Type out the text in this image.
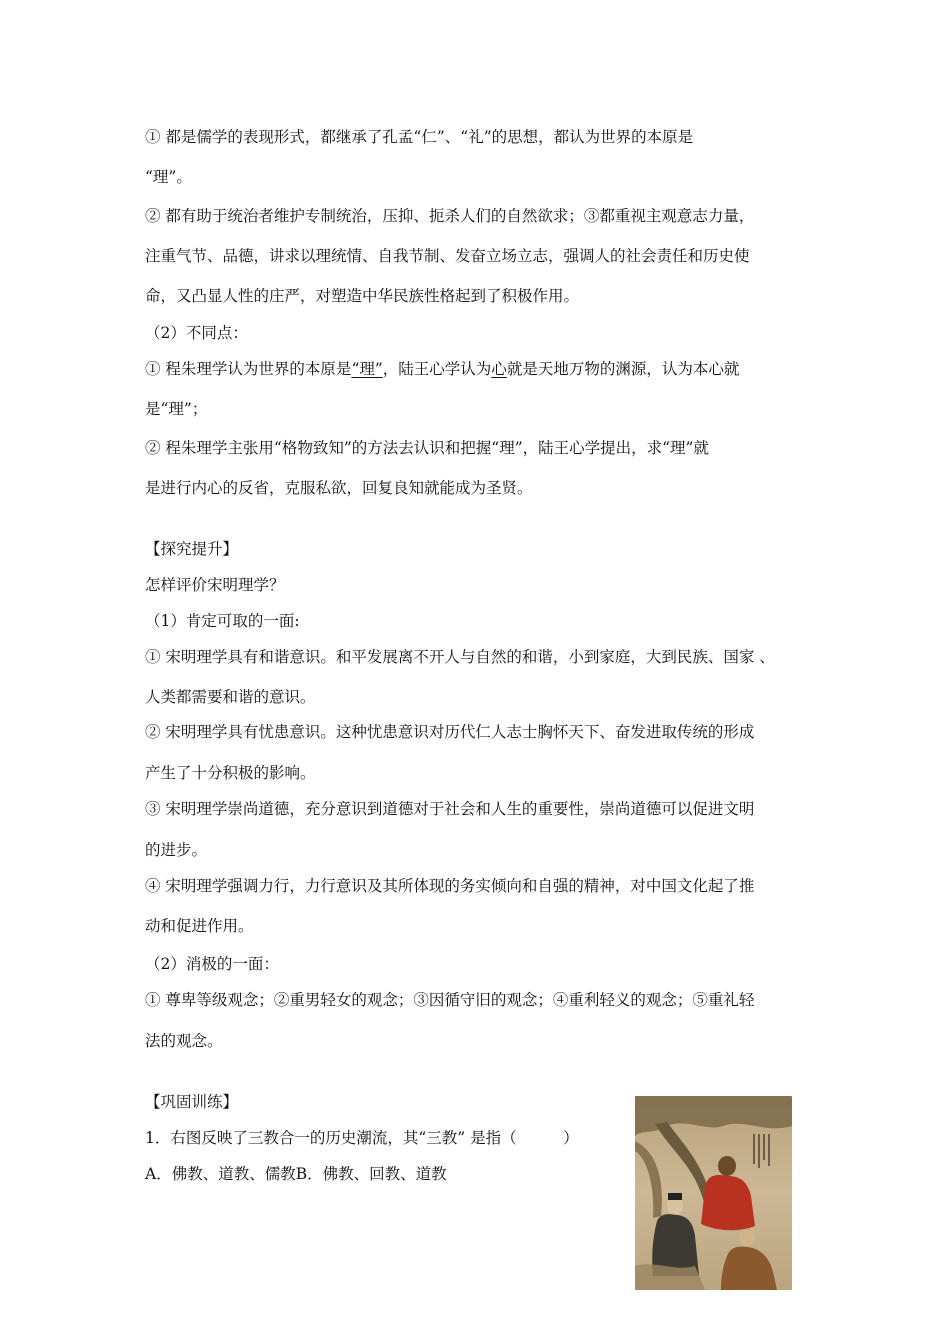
① 都是儒学的表现形式，都继承了孔孟“仁”、“礼”的思想，都认为世界的本原是
“理”。
② 都有助于统治者维护专制统治，压抑、扼杀人们的自然欲求；③都重视主观意志力量，
注重气节、品德，讲求以理统情、自我节制、发奋立场立志，强调人的社会责任和历史使
命，又凸显人性的庄严，对塑造中华民族性格起到了积极作用。
（2）不同点：
① 程朱理学认为世界的本原是“理”，陆王心学认为心就是天地万物的渊源，认为本心就
是“理”；
② 程朱理学主张用“格物致知”的方法去认识和把握“理”，陆王心学提出，求“理”就
是进行内心的反省，克服私欲，回复良知就能成为圣贤。
【探究提升】
怎样评价宋明理学？
（1）肯定可取的一面:
① 宋明理学具有和谐意识。和平发展离不开人与自然的和谐，小到家庭，大到民族、国家 、
人类都需要和谐的意识。
② 宋明理学具有忧患意识。这种忧患意识对历代仁人志士胸怀天下、奋发进取传统的形成
产生了十分积极的影响。
③ 宋明理学崇尚道德，充分意识到道德对于社会和人生的重要性，崇尚道德可以促进文明
的进步。
④ 宋明理学强调力行，力行意识及其所体现的务实倾向和自强的精神，对中国文化起了推
动和促进作用。
（2）消极的一面：
① 尊卑等级观念；②重男轻女的观念；③因循守旧的观念；④重利轻义的观念；⑤重礼轻
法的观念。
【巩固训练】
1．右图反映了三教合一的历史潮流，其“三教” 是指（　　　）
A．佛教、道教、儒教B．佛教、回教、道教
